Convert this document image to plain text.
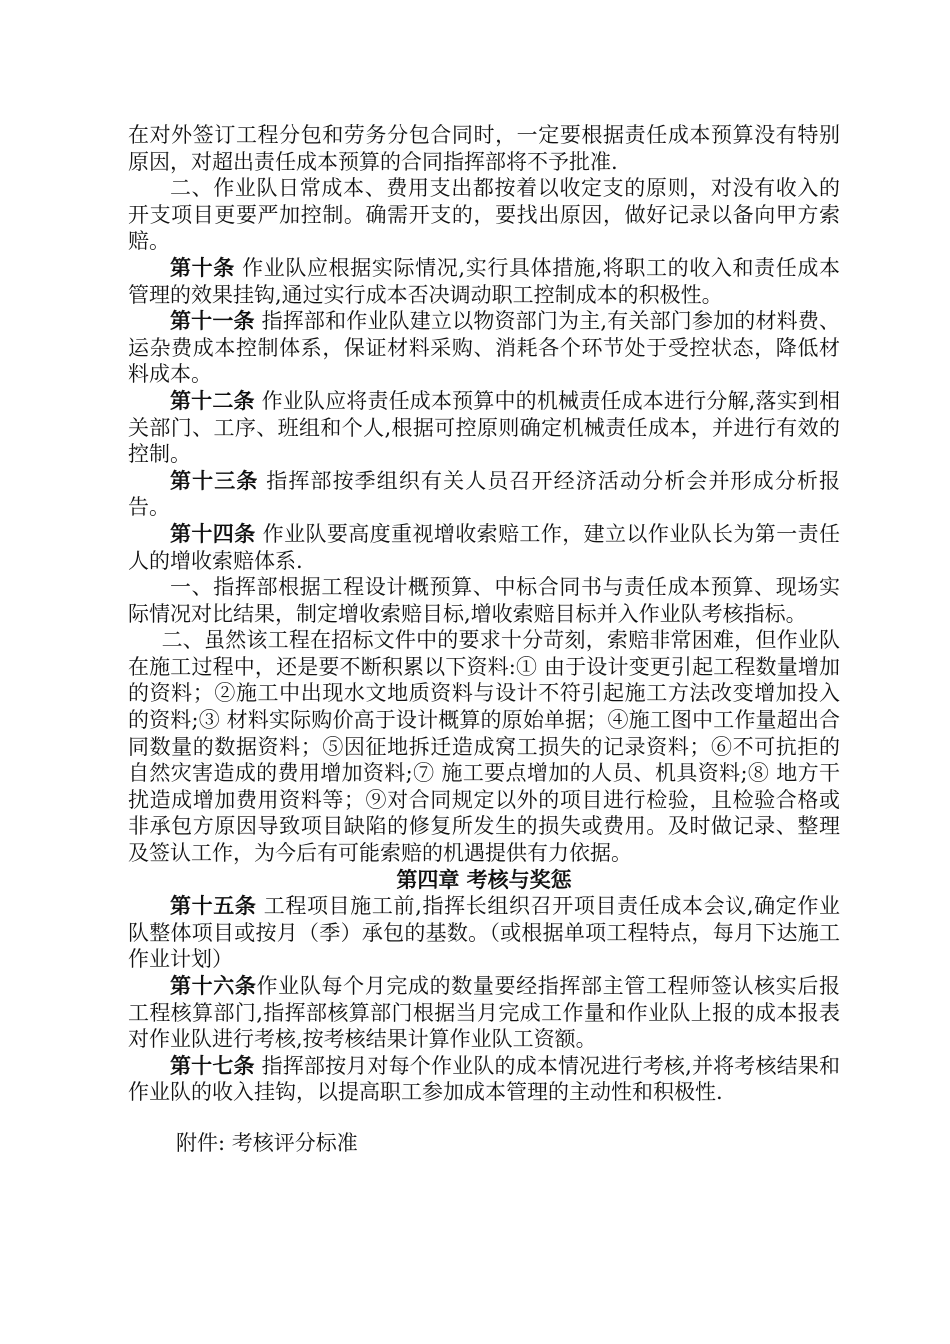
在对外签订工程分包和劳务分包合同时，一定要根据责任成本预算没有特别原因，对超出责任成本预算的合同指挥部将不予批准.

二、作业队日常成本、费用支出都按着以收定支的原则，对没有收入的开支项目更要严加控制。确需开支的，要找出原因，做好记录以备向甲方索赔。

第十条 作业队应根据实际情况,实行具体措施,将职工的收入和责任成本管理的效果挂钩,通过实行成本否决调动职工控制成本的积极性。

第十一条 指挥部和作业队建立以物资部门为主,有关部门参加的材料费、运杂费成本控制体系，保证材料采购、消耗各个环节处于受控状态，降低材料成本。

第十二条 作业队应将责任成本预算中的机械责任成本进行分解,落实到相关部门、工序、班组和个人,根据可控原则确定机械责任成本，并进行有效的控制。

第十三条 指挥部按季组织有关人员召开经济活动分析会并形成分析报告。

第十四条 作业队要高度重视增收索赔工作，建立以作业队长为第一责任人的增收索赔体系.

一、指挥部根据工程设计概预算、中标合同书与责任成本预算、现场实际情况对比结果，制定增收索赔目标,增收索赔目标并入作业队考核指标。

二、虽然该工程在招标文件中的要求十分苛刻，索赔非常困难，但作业队在施工过程中，还是要不断积累以下资料:① 由于设计变更引起工程数量增加的资料；②施工中出现水文地质资料与设计不符引起施工方法改变增加投入的资料;③ 材料实际购价高于设计概算的原始单据；④施工图中工作量超出合同数量的数据资料；⑤因征地拆迁造成窝工损失的记录资料；⑥不可抗拒的自然灾害造成的费用增加资料;⑦ 施工要点增加的人员、机具资料;⑧ 地方干扰造成增加费用资料等；⑨对合同规定以外的项目进行检验，且检验合格或非承包方原因导致项目缺陷的修复所发生的损失或费用。及时做记录、整理及签认工作，为今后有可能索赔的机遇提供有力依据。

第四章 考核与奖惩

第十五条 工程项目施工前,指挥长组织召开项目责任成本会议,确定作业队整体项目或按月（季）承包的基数。（或根据单项工程特点，每月下达施工作业计划）

第十六条作业队每个月完成的数量要经指挥部主管工程师签认核实后报工程核算部门,指挥部核算部门根据当月完成工作量和作业队上报的成本报表对作业队进行考核,按考核结果计算作业队工资额。

第十七条 指挥部按月对每个作业队的成本情况进行考核,并将考核结果和作业队的收入挂钩，以提高职工参加成本管理的主动性和积极性.

附件: 考核评分标准
